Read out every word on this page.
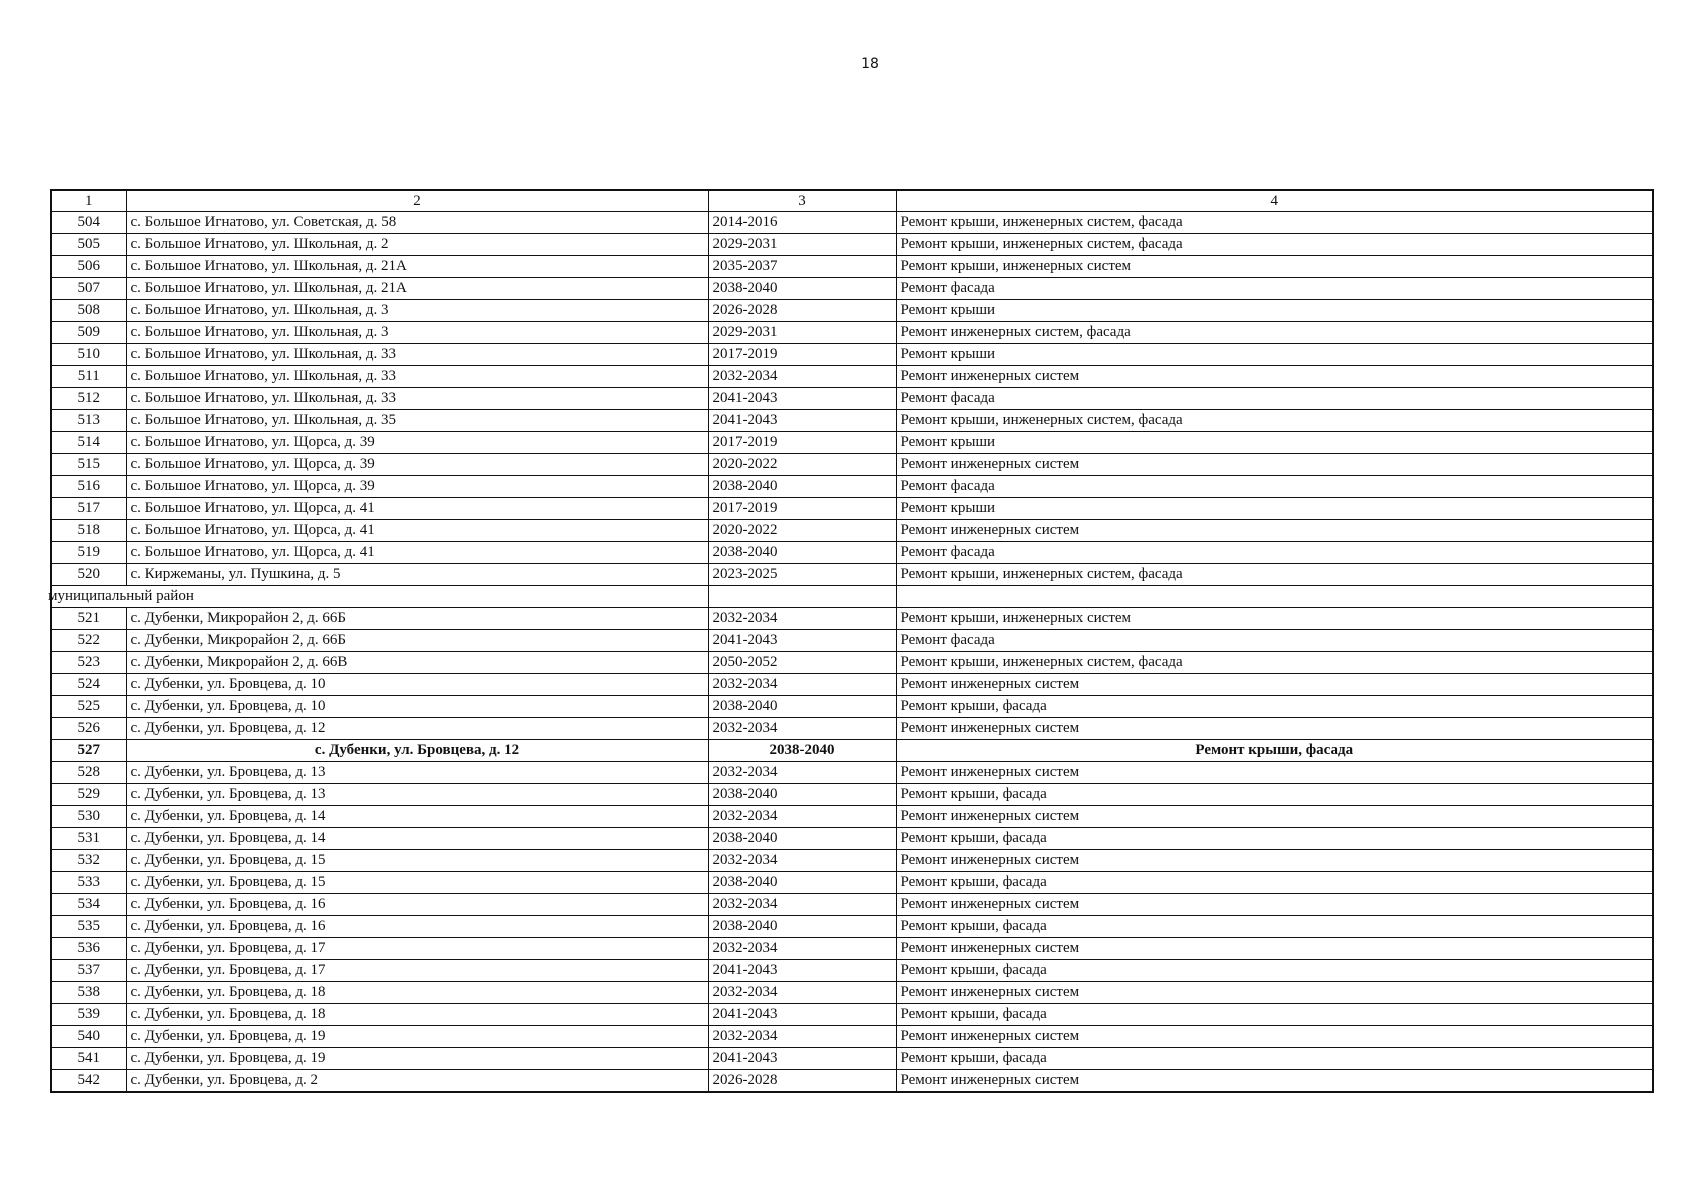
18
1	2	3	4
504	с. Большое Игнатово, ул. Советская, д. 58	2014-2016	Ремонт крыши, инженерных систем, фасада
505	с. Большое Игнатово, ул. Школьная, д. 2	2029-2031	Ремонт крыши, инженерных систем, фасада
506	с. Большое Игнатово, ул. Школьная, д. 21А	2035-2037	Ремонт крыши, инженерных систем
507	с. Большое Игнатово, ул. Школьная, д. 21А	2038-2040	Ремонт фасада
508	с. Большое Игнатово, ул. Школьная, д. 3	2026-2028	Ремонт крыши
509	с. Большое Игнатово, ул. Школьная, д. 3	2029-2031	Ремонт инженерных систем, фасада
510	с. Большое Игнатово, ул. Школьная, д. 33	2017-2019	Ремонт крыши
511	с. Большое Игнатово, ул. Школьная, д. 33	2032-2034	Ремонт инженерных систем
512	с. Большое Игнатово, ул. Школьная, д. 33	2041-2043	Ремонт фасада
513	с. Большое Игнатово, ул. Школьная, д. 35	2041-2043	Ремонт крыши, инженерных систем, фасада
514	с. Большое Игнатово, ул. Щорса, д. 39	2017-2019	Ремонт крыши
515	с. Большое Игнатово, ул. Щорса, д. 39	2020-2022	Ремонт инженерных систем
516	с. Большое Игнатово, ул. Щорса, д. 39	2038-2040	Ремонт фасада
517	с. Большое Игнатово, ул. Щорса, д. 41	2017-2019	Ремонт крыши
518	с. Большое Игнатово, ул. Щорса, д. 41	2020-2022	Ремонт инженерных систем
519	с. Большое Игнатово, ул. Щорса, д. 41	2038-2040	Ремонт фасада
520	с. Киржеманы, ул. Пушкина, д. 5	2023-2025	Ремонт крыши, инженерных систем, фасада

муниципальный район			

521	с. Дубенки, Микрорайон 2, д. 66Б	2032-2034	Ремонт крыши, инженерных систем
522	с. Дубенки, Микрорайон 2, д. 66Б	2041-2043	Ремонт фасада
523	с. Дубенки, Микрорайон 2, д. 66В	2050-2052	Ремонт крыши, инженерных систем, фасада
524	с. Дубенки, ул. Бровцева, д. 10	2032-2034	Ремонт инженерных систем
525	с. Дубенки, ул. Бровцева, д. 10	2038-2040	Ремонт крыши, фасада
526	с. Дубенки, ул. Бровцева, д. 12	2032-2034	Ремонт инженерных систем
527	с. Дубенки, ул. Бровцева, д. 12	2038-2040	Ремонт крыши, фасада
528	с. Дубенки, ул. Бровцева, д. 13	2032-2034	Ремонт инженерных систем
529	с. Дубенки, ул. Бровцева, д. 13	2038-2040	Ремонт крыши, фасада
530	с. Дубенки, ул. Бровцева, д. 14	2032-2034	Ремонт инженерных систем
531	с. Дубенки, ул. Бровцева, д. 14	2038-2040	Ремонт крыши, фасада
532	с. Дубенки, ул. Бровцева, д. 15	2032-2034	Ремонт инженерных систем
533	с. Дубенки, ул. Бровцева, д. 15	2038-2040	Ремонт крыши, фасада
534	с. Дубенки, ул. Бровцева, д. 16	2032-2034	Ремонт инженерных систем
535	с. Дубенки, ул. Бровцева, д. 16	2038-2040	Ремонт крыши, фасада
536	с. Дубенки, ул. Бровцева, д. 17	2032-2034	Ремонт инженерных систем
537	с. Дубенки, ул. Бровцева, д. 17	2041-2043	Ремонт крыши, фасада
538	с. Дубенки, ул. Бровцева, д. 18	2032-2034	Ремонт инженерных систем
539	с. Дубенки, ул. Бровцева, д. 18	2041-2043	Ремонт крыши, фасада
540	с. Дубенки, ул. Бровцева, д. 19	2032-2034	Ремонт инженерных систем
541	с. Дубенки, ул. Бровцева, д. 19	2041-2043	Ремонт крыши, фасада
542	с. Дубенки, ул. Бровцева, д. 2	2026-2028	Ремонт инженерных систем
